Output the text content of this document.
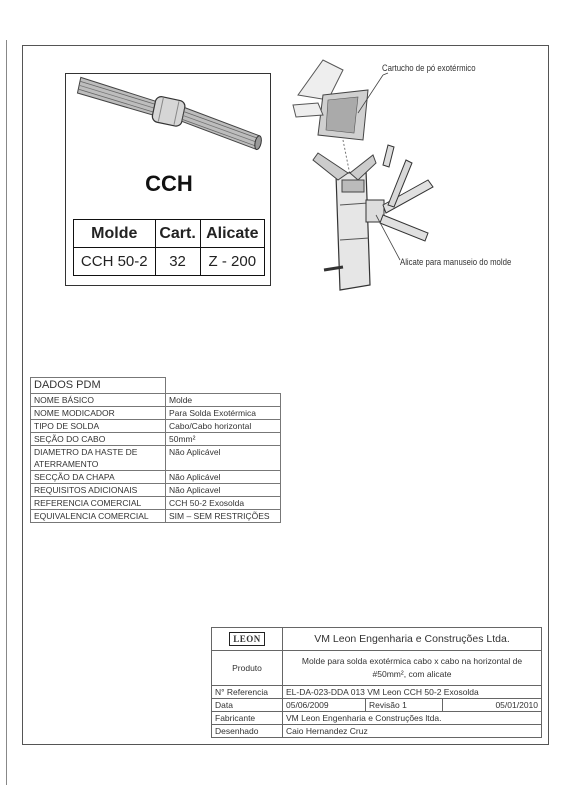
CCH
Molde	Cart.	Alicate
CCH 50-2	32	Z - 200
Cartucho de pó exotérmico
Alicate para manuseio do molde
DADOS PDM	
NOME BÁSICO	Molde
NOME MODICADOR	Para Solda Exotérmica
TIPO DE SOLDA	Cabo/Cabo horizontal
SEÇÃO DO CABO	50mm²
DIAMETRO DA HASTE DE ATERRAMENTO	Não Aplicável
SECÇÃO DA CHAPA	Não Aplicável
REQUISITOS ADICIONAIS	Não Aplicavel
REFERENCIA COMERCIAL	CCH 50-2 Exosolda
EQUIVALENCIA COMERCIAL	SIM – SEM RESTRIÇÕES
LEON	VM Leon Engenharia e Construções Ltda.		
Produto	Molde para solda exotérmica cabo x cabo na horizontal de #50mm², com alicate		
N° Referencia	EL-DA-023-DDA 013 VM Leon CCH 50-2 Exosolda		
Data	05/06/2009	Revisão 1	05/01/2010
Fabricante	VM Leon Engenharia e Construções ltda.		
Desenhado	Caio Hernandez Cruz		
